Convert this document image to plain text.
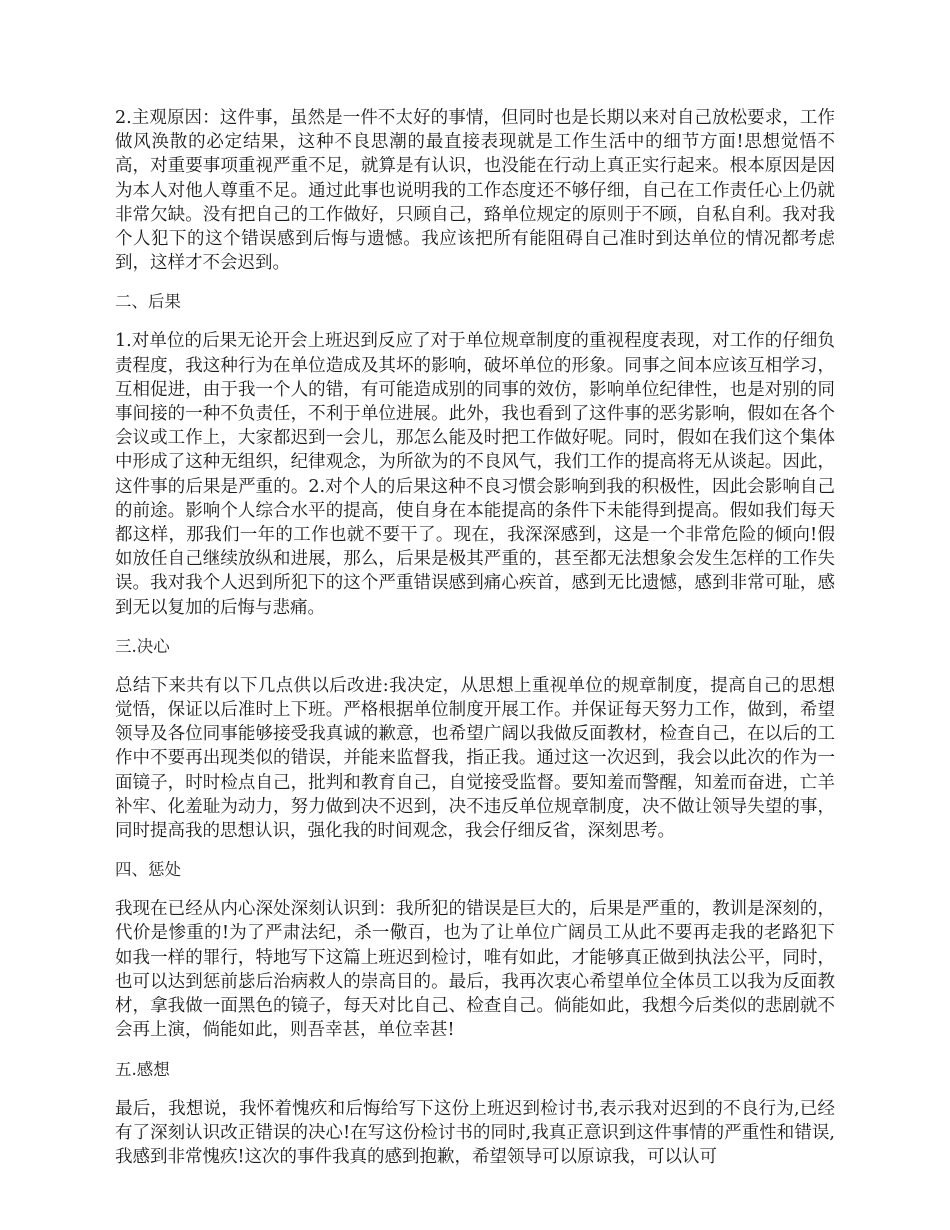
2.主观原因：这件事，虽然是一件不太好的事情，但同时也是长期以来对自己放松要求，工作做风涣散的必定结果，这种不良思潮的最直接表现就是工作生活中的细节方面!思想觉悟不高，对重要事项重视严重不足，就算是有认识，也没能在行动上真正实行起来。根本原因是因为本人对他人尊重不足。通过此事也说明我的工作态度还不够仔细，自己在工作责任心上仍就非常欠缺。没有把自己的工作做好，只顾自己，臵单位规定的原则于不顾，自私自利。我对我个人犯下的这个错误感到后悔与遗憾。我应该把所有能阻碍自己准时到达单位的情况都考虑到，这样才不会迟到。

二、后果

1.对单位的后果无论开会上班迟到反应了对于单位规章制度的重视程度表现，对工作的仔细负责程度，我这种行为在单位造成及其坏的影响，破坏单位的形象。同事之间本应该互相学习，互相促进，由于我一个人的错，有可能造成别的同事的效仿，影响单位纪律性，也是对别的同事间接的一种不负责任，不利于单位进展。此外，我也看到了这件事的恶劣影响，假如在各个会议或工作上，大家都迟到一会儿，那怎么能及时把工作做好呢。同时，假如在我们这个集体中形成了这种无组织，纪律观念，为所欲为的不良风气，我们工作的提高将无从谈起。因此，这件事的后果是严重的。2.对个人的后果这种不良习惯会影响到我的积极性，因此会影响自己的前途。影响个人综合水平的提高，使自身在本能提高的条件下未能得到提高。假如我们每天都这样，那我们一年的工作也就不要干了。现在，我深深感到，这是一个非常危险的倾向!假如放任自己继续放纵和进展，那么，后果是极其严重的，甚至都无法想象会发生怎样的工作失误。我对我个人迟到所犯下的这个严重错误感到痛心疾首，感到无比遗憾，感到非常可耻，感到无以复加的后悔与悲痛。

三.决心

总结下来共有以下几点供以后改进:我决定，从思想上重视单位的规章制度，提高自己的思想觉悟，保证以后准时上下班。严格根据单位制度开展工作。并保证每天努力工作，做到，希望领导及各位同事能够接受我真诚的歉意，也希望广阔以我做反面教材，检查自己，在以后的工作中不要再出现类似的错误，并能来监督我，指正我。通过这一次迟到，我会以此次的作为一面镜子，时时检点自己，批判和教育自己，自觉接受监督。要知羞而警醒，知羞而奋进，亡羊补牢、化羞耻为动力，努力做到决不迟到，决不违反单位规章制度，决不做让领导失望的事，同时提高我的思想认识，强化我的时间观念，我会仔细反省，深刻思考。

四、惩处

我现在已经从内心深处深刻认识到：我所犯的错误是巨大的，后果是严重的，教训是深刻的，代价是惨重的!为了严肃法纪，杀一儆百，也为了让单位广阔员工从此不要再走我的老路犯下如我一样的罪行，特地写下这篇上班迟到检讨，唯有如此，才能够真正做到执法公平，同时，也可以达到惩前毖后治病救人的崇高目的。最后，我再次衷心希望单位全体员工以我为反面教材，拿我做一面黑色的镜子，每天对比自己、检查自己。倘能如此，我想今后类似的悲剧就不会再上演，倘能如此，则吾幸甚，单位幸甚!

五.感想

最后，我想说，我怀着愧疚和后悔给写下这份上班迟到检讨书,表示我对迟到的不良行为,已经有了深刻认识改正错误的决心!在写这份检讨书的同时,我真正意识到这件事情的严重性和错误,我感到非常愧疚!这次的事件我真的感到抱歉，希望领导可以原谅我，可以认可
